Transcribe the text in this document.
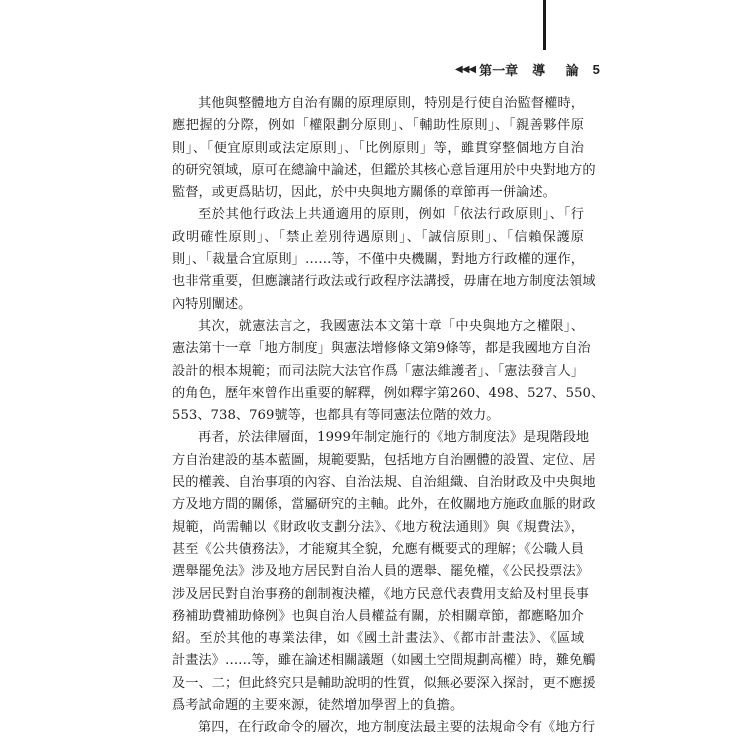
◀◀◀ 第一章 導 論 5
其他與整體地方自治有關的原理原則，特別是行使自治監督權時，
應把握的分際，例如「權限劃分原則」、「輔助性原則」、「親善夥伴原
則」、「便宜原則或法定原則」、「比例原則」等，雖貫穿整個地方自治
的研究領域，原可在總論中論述，但鑑於其核心意旨運用於中央對地方的
監督，或更爲貼切，因此，於中央與地方關係的章節再一併論述。
至於其他行政法上共通適用的原則，例如「依法行政原則」、「行
政明確性原則」、「禁止差別待遇原則」、「誠信原則」、「信賴保護原
則」、「裁量合宜原則」……等，不僅中央機關，對地方行政權的運作，
也非常重要，但應讓諸行政法或行政程序法講授，毋庸在地方制度法領域
內特別闡述。
其次，就憲法言之，我國憲法本文第十章「中央與地方之權限」、
憲法第十一章「地方制度」與憲法增修條文第9條等，都是我國地方自治
設計的根本規範；而司法院大法官作爲「憲法維護者」、「憲法發言人」
的角色，歷年來曾作出重要的解釋，例如釋字第260、498、527、550、
553、738、769號等，也都具有等同憲法位階的效力。
再者，於法律層面，1999年制定施行的《地方制度法》是現階段地
方自治建設的基本藍圖，規範要點，包括地方自治團體的設置、定位、居
民的權義、自治事項的內容、自治法規、自治組織、自治財政及中央與地
方及地方間的關係，當屬研究的主軸。此外，在攸關地方施政血脈的財政
規範，尚需輔以《財政收支劃分法》、《地方稅法通則》與《規費法》，
甚至《公共債務法》，才能窺其全貌，允應有概要式的理解；《公職人員
選舉罷免法》涉及地方居民對自治人員的選舉、罷免權，《公民投票法》
涉及居民對自治事務的創制複決權，《地方民意代表費用支給及村里長事
務補助費補助條例》也與自治人員權益有關，於相關章節，都應略加介
紹。至於其他的專業法律，如《國土計畫法》、《都市計畫法》、《區域
計畫法》……等，雖在論述相關議題（如國土空間規劃高權）時，難免觸
及一、二；但此終究只是輔助說明的性質，似無必要深入探討，更不應援
爲考試命題的主要來源，徒然增加學習上的負擔。
第四，在行政命令的層次，地方制度法最主要的法規命令有《地方行
